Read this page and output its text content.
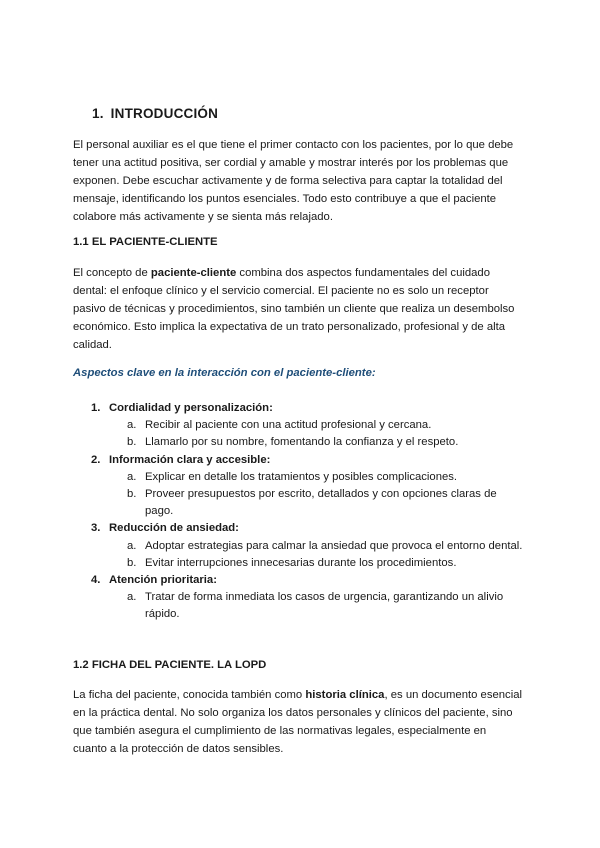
1. INTRODUCCIÓN

El personal auxiliar es el que tiene el primer contacto con los pacientes, por lo que debe tener una actitud positiva, ser cordial y amable y mostrar interés por los problemas que exponen. Debe escuchar activamente y de forma selectiva para captar la totalidad del mensaje, identificando los puntos esenciales. Todo esto contribuye a que el paciente colabore más activamente y se sienta más relajado.

1.1 EL PACIENTE-CLIENTE

El concepto de paciente-cliente combina dos aspectos fundamentales del cuidado dental: el enfoque clínico y el servicio comercial. El paciente no es solo un receptor pasivo de técnicas y procedimientos, sino también un cliente que realiza un desembolso económico. Esto implica la expectativa de un trato personalizado, profesional y de alta calidad.

Aspectos clave en la interacción con el paciente-cliente:
1. Cordialidad y personalización:
a. Recibir al paciente con una actitud profesional y cercana.
b. Llamarlo por su nombre, fomentando la confianza y el respeto.
2. Información clara y accesible:
a. Explicar en detalle los tratamientos y posibles complicaciones.
b. Proveer presupuestos por escrito, detallados y con opciones claras de pago.
3. Reducción de ansiedad:
a. Adoptar estrategias para calmar la ansiedad que provoca el entorno dental.
b. Evitar interrupciones innecesarias durante los procedimientos.
4. Atención prioritaria:
a. Tratar de forma inmediata los casos de urgencia, garantizando un alivio rápido.
1.2 FICHA DEL PACIENTE. LA LOPD

La ficha del paciente, conocida también como historia clínica, es un documento esencial en la práctica dental. No solo organiza los datos personales y clínicos del paciente, sino que también asegura el cumplimiento de las normativas legales, especialmente en cuanto a la protección de datos sensibles.
